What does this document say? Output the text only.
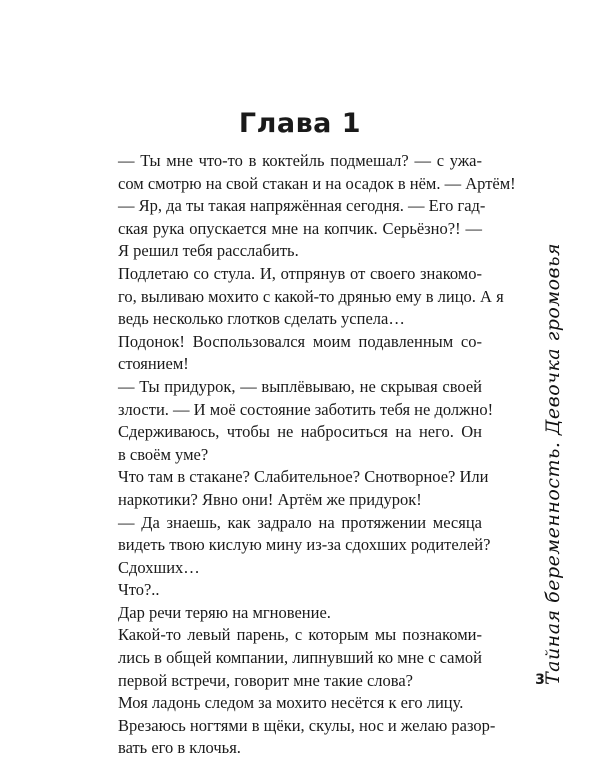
Глава 1
— Ты мне что-то в коктейль подмешал? — с ужа-
сом смотрю на свой стакан и на осадок в нём. — Артём!
— Яр, да ты такая напряжённая сегодня. — Его гад-
ская рука опускается мне на копчик. Серьёзно?! —
Я решил тебя расслабить.
Подлетаю со стула. И, отпрянув от своего знакомо-
го, выливаю мохито с какой-то дрянью ему в лицо. А я
ведь несколько глотков сделать успела…
Подонок! Воспользовался моим подавленным со-
стоянием!
— Ты придурок, — выплёвываю, не скрывая своей
злости. — И моё состояние заботить тебя не должно!
Сдерживаюсь, чтобы не наброситься на него. Он
в своём уме?
Что там в стакане? Слабительное? Снотворное? Или
наркотики? Явно они! Артём же придурок!
— Да знаешь, как задрало на протяжении месяца
видеть твою кислую мину из-за сдохших родителей?
Сдохших…
Что?..
Дар речи теряю на мгновение.
Какой-то левый парень, с которым мы познакоми-
лись в общей компании, липнувший ко мне с самой
первой встречи, говорит мне такие слова?
Моя ладонь следом за мохито несётся к его лицу.
Врезаюсь ногтями в щёки, скулы, нос и желаю разор-
вать его в клочья.
Тайная беременность. Девочка громовья
3
